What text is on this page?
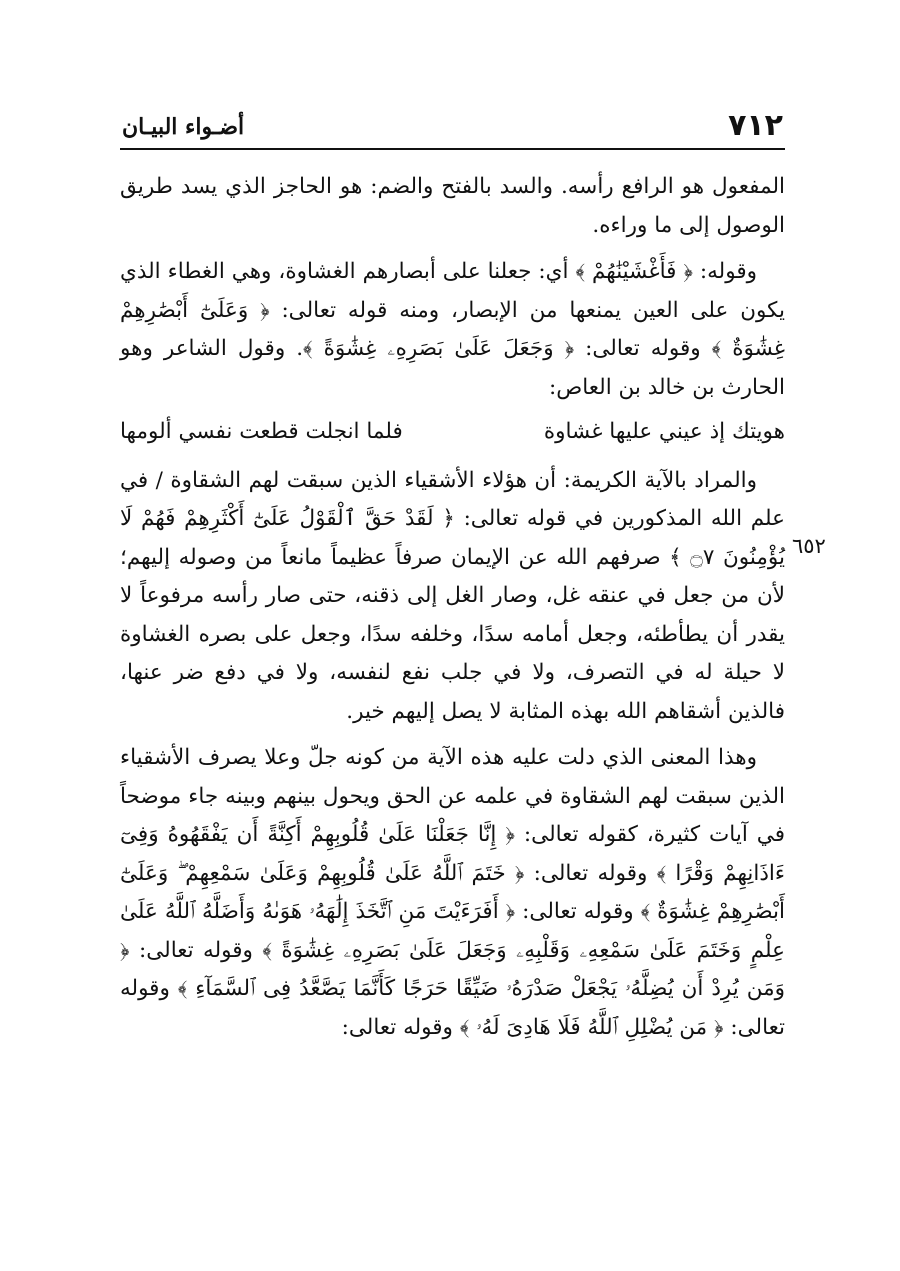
٧١٢
أضـواء البيـان
٦٥٢

المفعول هو الرافع رأسه. والسد بالفتح والضم: هو الحاجز الذي يسد طريق الوصول إلى ما وراءه.

وقوله: ﴿ فَأَغْشَيْنَٰهُمْ ﴾ أي: جعلنا على أبصارهم الغشاوة، وهي الغطاء الذي يكون على العين يمنعها من الإبصار، ومنه قوله تعالى: ﴿ وَعَلَىٰٓ أَبْصَٰرِهِمْ غِشَٰوَةٌ ﴾ وقوله تعالى: ﴿ وَجَعَلَ عَلَىٰ بَصَرِهِۦ غِشَٰوَةً ﴾. وقول الشاعر وهو الحارث بن خالد بن العاص:

هويتك إذ عيني عليها غشاوة
فلما انجلت قطعت نفسي ألومها

والمراد بالآية الكريمة: أن هؤلاء الأشقياء الذين سبقت لهم الشقاوة / في علم الله المذكورين في قوله تعالى: ﴿ لَقَدْ حَقَّ ٱلْقَوْلُ عَلَىٰٓ أَكْثَرِهِمْ فَهُمْ لَا يُؤْمِنُونَ ۝٧ ﴾ صرفهم الله عن الإيمان صرفاً عظيماً مانعاً من وصوله إليهم؛ لأن من جعل في عنقه غل، وصار الغل إلى ذقنه، حتى صار رأسه مرفوعاً لا يقدر أن يطأطئه، وجعل أمامه سدًا، وخلفه سدًا، وجعل على بصره الغشاوة لا حيلة له في التصرف، ولا في جلب نفع لنفسه، ولا في دفع ضر عنها، فالذين أشقاهم الله بهذه المثابة لا يصل إليهم خير.

وهذا المعنى الذي دلت عليه هذه الآية من كونه جلّ وعلا يصرف الأشقياء الذين سبقت لهم الشقاوة في علمه عن الحق ويحول بينهم وبينه جاء موضحاً في آيات كثيرة، كقوله تعالى: ﴿ إِنَّا جَعَلْنَا عَلَىٰ قُلُوبِهِمْ أَكِنَّةً أَن يَفْقَهُوهُ وَفِىٓ ءَاذَانِهِمْ وَقْرًا ﴾ وقوله تعالى: ﴿ خَتَمَ ٱللَّهُ عَلَىٰ قُلُوبِهِمْ وَعَلَىٰ سَمْعِهِمْ ۖ وَعَلَىٰٓ أَبْصَٰرِهِمْ غِشَٰوَةٌ ﴾ وقوله تعالى: ﴿ أَفَرَءَيْتَ مَنِ ٱتَّخَذَ إِلَٰهَهُۥ هَوَىٰهُ وَأَضَلَّهُ ٱللَّهُ عَلَىٰ عِلْمٍ وَخَتَمَ عَلَىٰ سَمْعِهِۦ وَقَلْبِهِۦ وَجَعَلَ عَلَىٰ بَصَرِهِۦ غِشَٰوَةً ﴾ وقوله تعالى: ﴿ وَمَن يُرِدْ أَن يُضِلَّهُۥ يَجْعَلْ صَدْرَهُۥ ضَيِّقًا حَرَجًا كَأَنَّمَا يَصَّعَّدُ فِى ٱلسَّمَآءِ ﴾ وقوله تعالى: ﴿ مَن يُضْلِلِ ٱللَّهُ فَلَا هَادِىَ لَهُۥ ﴾ وقوله تعالى:
